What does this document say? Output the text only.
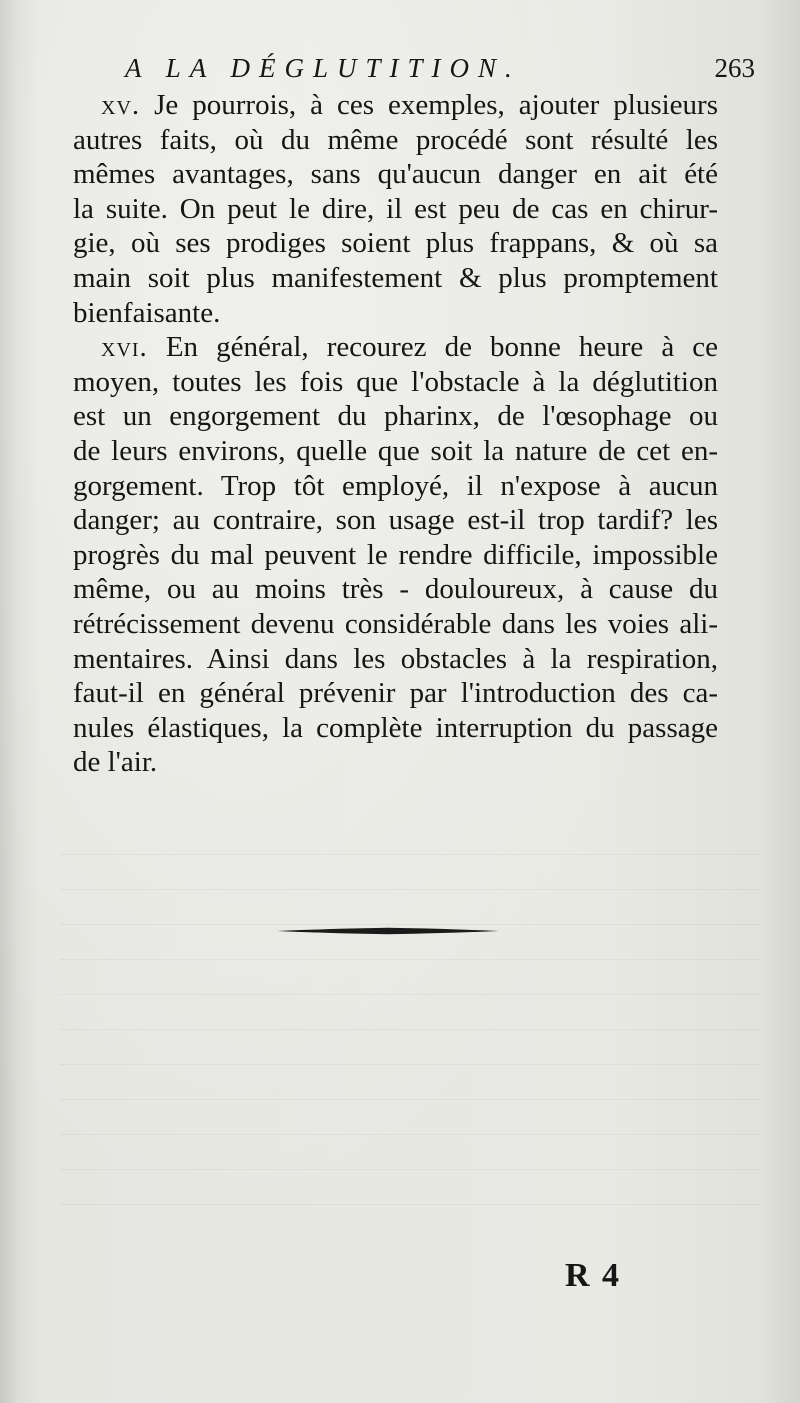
A LA DÉGLUTITION.	263
xv. Je pourrois, à ces exemples, ajouter plusieurs
autres faits, où du même procédé sont résulté les
mêmes avantages, sans qu'aucun danger en ait été
la suite. On peut le dire, il est peu de cas en chirur-
gie, où ses prodiges soient plus frappans, & où sa
main soit plus manifestement & plus promptement
bienfaisante.
xvi. En général, recourez de bonne heure à ce
moyen, toutes les fois que l'obstacle à la déglutition
est un engorgement du pharinx, de l'œsophage ou
de leurs environs, quelle que soit la nature de cet en-
gorgement. Trop tôt employé, il n'expose à aucun
danger; au contraire, son usage est-il trop tardif? les
progrès du mal peuvent le rendre difficile, impossible
même, ou au moins très - douloureux, à cause du
rétrécissement devenu considérable dans les voies ali-
mentaires. Ainsi dans les obstacles à la respiration,
faut-il en général prévenir par l'introduction des ca-
nules élastiques, la complète interruption du passage
de l'air.
R 4
